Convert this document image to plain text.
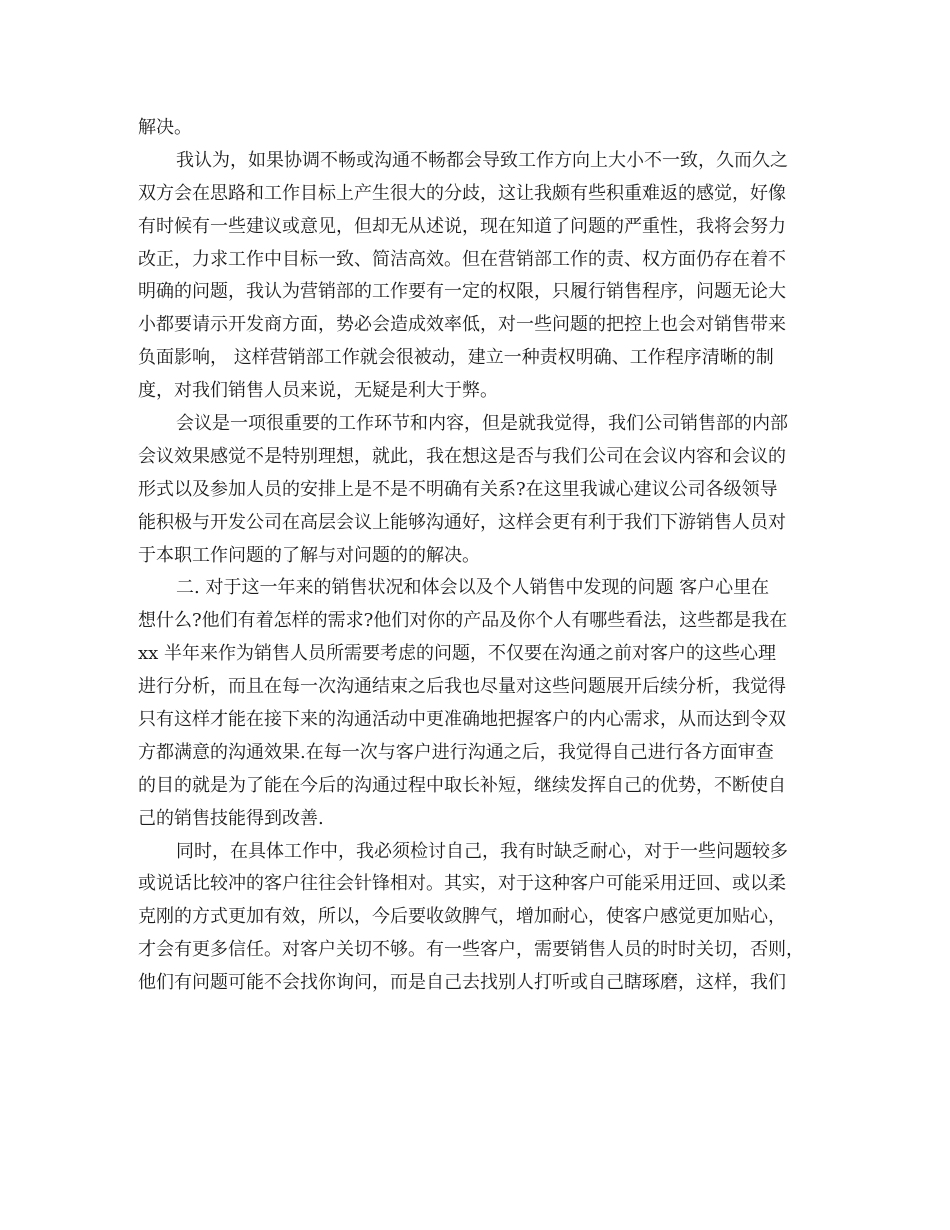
解决。
我认为，如果协调不畅或沟通不畅都会导致工作方向上大小不一致，久而久之
双方会在思路和工作目标上产生很大的分歧，这让我颇有些积重难返的感觉，好像
有时候有一些建议或意见，但却无从述说，现在知道了问题的严重性，我将会努力
改正，力求工作中目标一致、简洁高效。但在营销部工作的责、权方面仍存在着不
明确的问题，我认为营销部的工作要有一定的权限，只履行销售程序，问题无论大
小都要请示开发商方面，势必会造成效率低，对一些问题的把控上也会对销售带来
负面影响， 这样营销部工作就会很被动，建立一种责权明确、工作程序清晰的制
度，对我们销售人员来说，无疑是利大于弊。
会议是一项很重要的工作环节和内容，但是就我觉得，我们公司销售部的内部
会议效果感觉不是特别理想，就此，我在想这是否与我们公司在会议内容和会议的
形式以及参加人员的安排上是不是不明确有关系?在这里我诚心建议公司各级领导
能积极与开发公司在高层会议上能够沟通好，这样会更有利于我们下游销售人员对
于本职工作问题的了解与对问题的的解决。
二. 对于这一年来的销售状况和体会以及个人销售中发现的问题 客户心里在
想什么?他们有着怎样的需求?他们对你的产品及你个人有哪些看法，这些都是我在
xx 半年来作为销售人员所需要考虑的问题，不仅要在沟通之前对客户的这些心理
进行分析，而且在每一次沟通结束之后我也尽量对这些问题展开后续分析，我觉得
只有这样才能在接下来的沟通活动中更准确地把握客户的内心需求，从而达到令双
方都满意的沟通效果.在每一次与客户进行沟通之后，我觉得自己进行各方面审查
的目的就是为了能在今后的沟通过程中取长补短，继续发挥自己的优势，不断使自
己的销售技能得到改善.
同时，在具体工作中，我必须检讨自己，我有时缺乏耐心，对于一些问题较多
或说话比较冲的客户往往会针锋相对。其实，对于这种客户可能采用迂回、或以柔
克刚的方式更加有效，所以，今后要收敛脾气，增加耐心，使客户感觉更加贴心，
才会有更多信任。对客户关切不够。有一些客户，需要销售人员的时时关切，否则，
他们有问题可能不会找你询问，而是自己去找别人打听或自己瞎琢磨，这样，我们
